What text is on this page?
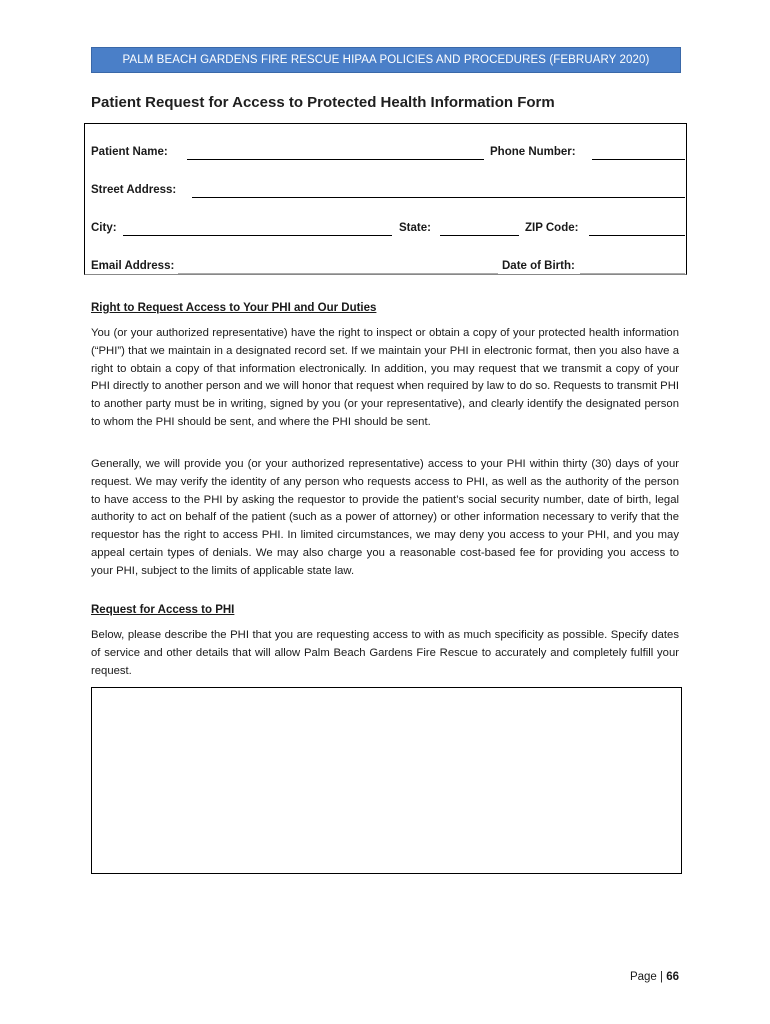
PALM BEACH GARDENS FIRE RESCUE HIPAA POLICIES AND PROCEDURES (FEBRUARY 2020)
Patient Request for Access to Protected Health Information Form
Patient Name:	Phone Number:
Street Address:
City:	State:	ZIP Code:
Email Address:	Date of Birth:
Right to Request Access to Your PHI and Our Duties
You (or your authorized representative) have the right to inspect or obtain a copy of your protected health information (“PHI”) that we maintain in a designated record set. If we maintain your PHI in electronic format, then you also have a right to obtain a copy of that information electronically. In addition, you may request that we transmit a copy of your PHI directly to another person and we will honor that request when required by law to do so. Requests to transmit PHI to another party must be in writing, signed by you (or your representative), and clearly identify the designated person to whom the PHI should be sent, and where the PHI should be sent.
Generally, we will provide you (or your authorized representative) access to your PHI within thirty (30) days of your request. We may verify the identity of any person who requests access to PHI, as well as the authority of the person to have access to the PHI by asking the requestor to provide the patient’s social security number, date of birth, legal authority to act on behalf of the patient (such as a power of attorney) or other information necessary to verify that the requestor has the right to access PHI. In limited circumstances, we may deny you access to your PHI, and you may appeal certain types of denials. We may also charge you a reasonable cost-based fee for providing you access to your PHI, subject to the limits of applicable state law.
Request for Access to PHI
Below, please describe the PHI that you are requesting access to with as much specificity as possible. Specify dates of service and other details that will allow Palm Beach Gardens Fire Rescue to accurately and completely fulfill your request.
Page | 66
